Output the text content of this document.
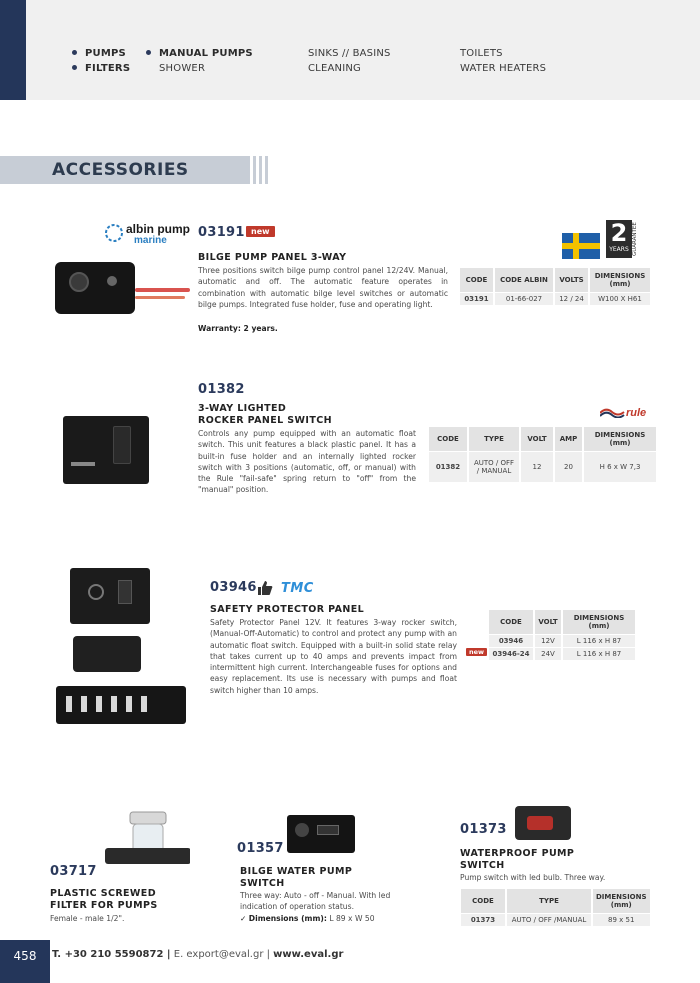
PUMPS
FILTERS
MANUAL PUMPS
SHOWER
SINKS // BASINS
CLEANING
TOILETS
WATER HEATERS
ACCESSORIES
albin pump
marine
03191 new
BILGE PUMP PANEL 3-WAY
Three positions switch bilge pump control panel 12/24V. Manual, automatic and off. The automatic feature operates in combination with automatic bilge level switches or automatic bilge pumps. Integrated fuse holder, fuse and operating light.
Warranty: 2 years.
2
YEARS GUARANTEE
CODE	CODE ALBIN	VOLTS	DIMENSIONS (mm)
03191	01-66-027	12 / 24	W100 X H61
01382
3-WAY LIGHTED
ROCKER PANEL SWITCH
Controls any pump equipped with an automatic float switch. This unit features a black plastic panel. It has a built-in fuse holder and an internally lighted rocker switch with 3 positions (automatic, off, or manual) with the Rule "fail-safe" spring return to "off" from the "manual" position.
rule
CODE	TYPE	VOLT	AMP	DIMENSIONS (mm)
01382	AUTO / OFF / MANUAL	12	20	H 6 x W 7,3
03946 TMC
SAFETY PROTECTOR PANEL
Safety Protector Panel 12V. It features 3-way rocker switch,(Manual-Off-Automatic) to control and protect any pump with an automatic float switch. Equipped with a built-in solid state relay that takes current up to 40 amps and prevents impact from intermittent high current. Interchangeable fuses for options and easy replacement. Its use is necessary with pumps and float switch higher than 10 amps.
CODE	VOLT	DIMENSIONS (mm)
03946	12V	L 116 x H 87
03946-24	24V	L 116 x H 87
new
03717
PLASTIC SCREWED
FILTER FOR PUMPS
Female - male 1/2".
01357
BILGE WATER PUMP
SWITCH
Three way: Auto - off - Manual. With led indication of operation status.
✓ Dimensions (mm): L 89 x W 50
01373
WATERPROOF PUMP
SWITCH
Pump switch with led bulb. Three way.
CODE	TYPE	DIMENSIONS (mm)
01373	AUTO / OFF /MANUAL	89 x 51
458	T. +30 210 5590872 | E. export@eval.gr | www.eval.gr
